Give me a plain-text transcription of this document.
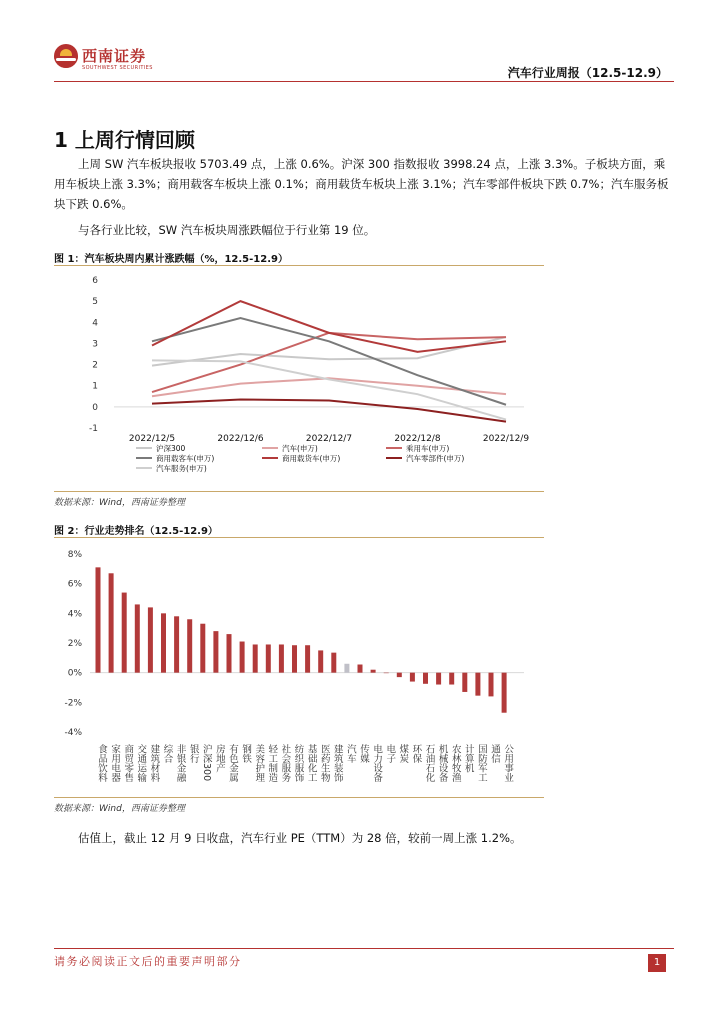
西南证券
SOUTHWEST SECURITIES	汽车行业周报（12.5-12.9）
1 上周行情回顾

上周 SW 汽车板块报收 5703.49 点，上涨 0.6%。沪深 300 指数报收 3998.24 点，上涨 3.3%。子板块方面，乘用车板块上涨 3.3%；商用载客车板块上涨 0.1%；商用载货车板块上涨 3.1%；汽车零部件板块下跌 0.7%；汽车服务板块下跌 0.6%。

与各行业比较，SW 汽车板块周涨跌幅位于行业第 19 位。

图 1：汽车板块周内累计涨跌幅（%，12.5-12.9）
6
5
4
3
2
1
0
-1
2022/12/5	2022/12/6	2022/12/7	2022/12/8	2022/12/9
沪深300	汽车(申万)	乘用车(申万)
商用载客车(申万)	商用载货车(申万)	汽车零部件(申万)
汽车服务(申万)
数据来源：Wind，西南证券整理
图 2：行业走势排名（12.5-12.9）
8%
6%
4%
2%
0%
-2%
-4%
食品饮料 家用电器 商贸零售 交通运输 建筑材料 综合 非银金融 银行 沪深300 房地产 有色金属 钢铁 美容护理 轻工制造 社会服务 纺织服饰 基础化工 医药生物 建筑装饰 汽车 传媒 电力设备 电子 煤炭 环保 石油石化 机械设备 农林牧渔 计算机 国防军工 通信 公用事业
数据来源：Wind，西南证券整理

估值上，截止 12 月 9 日收盘，汽车行业 PE（TTM）为 28 倍，较前一周上涨 1.2%。

请务必阅读正文后的重要声明部分	1
